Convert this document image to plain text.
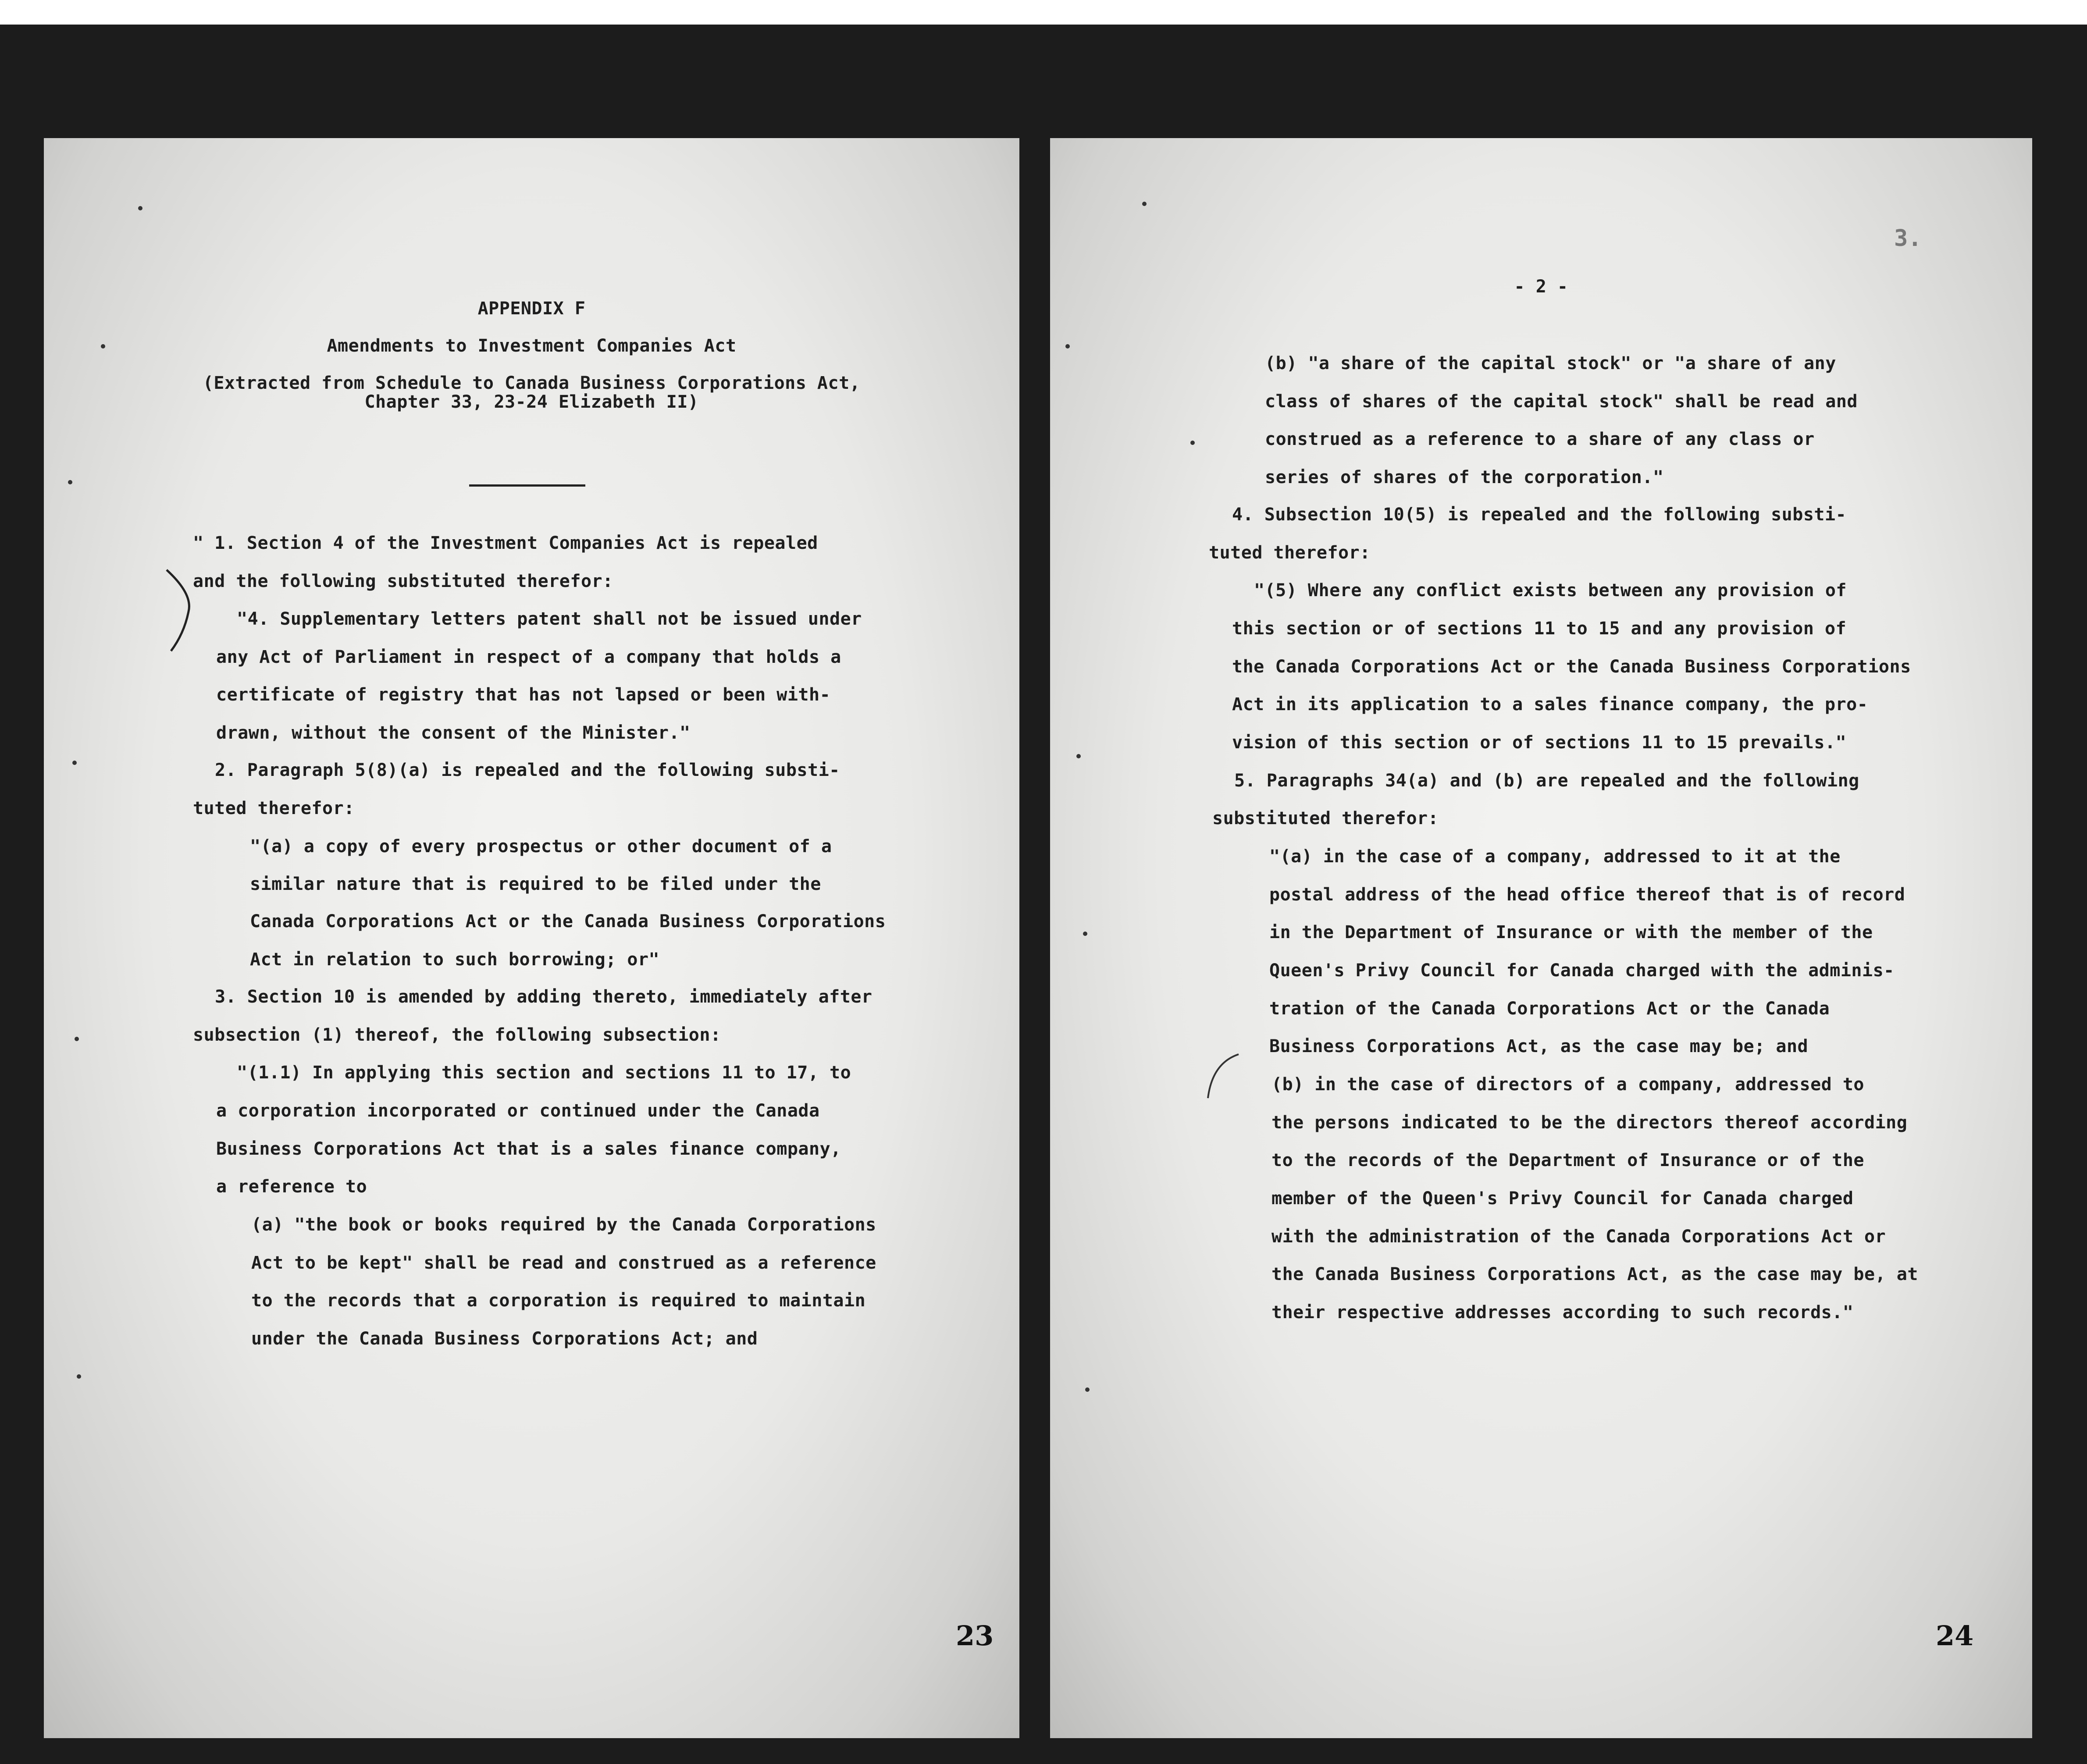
APPENDIX F
Amendments to Investment Companies Act
(Extracted from Schedule to Canada Business Corporations Act,
Chapter 33, 23-24 Elizabeth II)
" 1. Section 4 of the Investment Companies Act is repealed
and the following substituted therefor:
"4. Supplementary letters patent shall not be issued under
any Act of Parliament in respect of a company that holds a
certificate of registry that has not lapsed or been with-
drawn, without the consent of the Minister."
2. Paragraph 5(8)(a) is repealed and the following substi-
tuted therefor:
"(a) a copy of every prospectus or other document of a
similar nature that is required to be filed under the
Canada Corporations Act or the Canada Business Corporations
Act in relation to such borrowing; or"
3. Section 10 is amended by adding thereto, immediately after
subsection (1) thereof, the following subsection:
"(1.1) In applying this section and sections 11 to 17, to
a corporation incorporated or continued under the Canada
Business Corporations Act that is a sales finance company,
a reference to
(a) "the book or books required by the Canada Corporations
Act to be kept" shall be read and construed as a reference
to the records that a corporation is required to maintain
under the Canada Business Corporations Act; and
23
- 2 -
3.
(b) "a share of the capital stock" or "a share of any
class of shares of the capital stock" shall be read and
construed as a reference to a share of any class or
series of shares of the corporation."
4. Subsection 10(5) is repealed and the following substi-
tuted therefor:
"(5) Where any conflict exists between any provision of
this section or of sections 11 to 15 and any provision of
the Canada Corporations Act or the Canada Business Corporations
Act in its application to a sales finance company, the pro-
vision of this section or of sections 11 to 15 prevails."
5. Paragraphs 34(a) and (b) are repealed and the following
substituted therefor:
"(a) in the case of a company, addressed to it at the
postal address of the head office thereof that is of record
in the Department of Insurance or with the member of the
Queen's Privy Council for Canada charged with the adminis-
tration of the Canada Corporations Act or the Canada
Business Corporations Act, as the case may be; and
(b) in the case of directors of a company, addressed to
the persons indicated to be the directors thereof according
to the records of the Department of Insurance or of the
member of the Queen's Privy Council for Canada charged
with the administration of the Canada Corporations Act or
the Canada Business Corporations Act, as the case may be, at
their respective addresses according to such records."
24
